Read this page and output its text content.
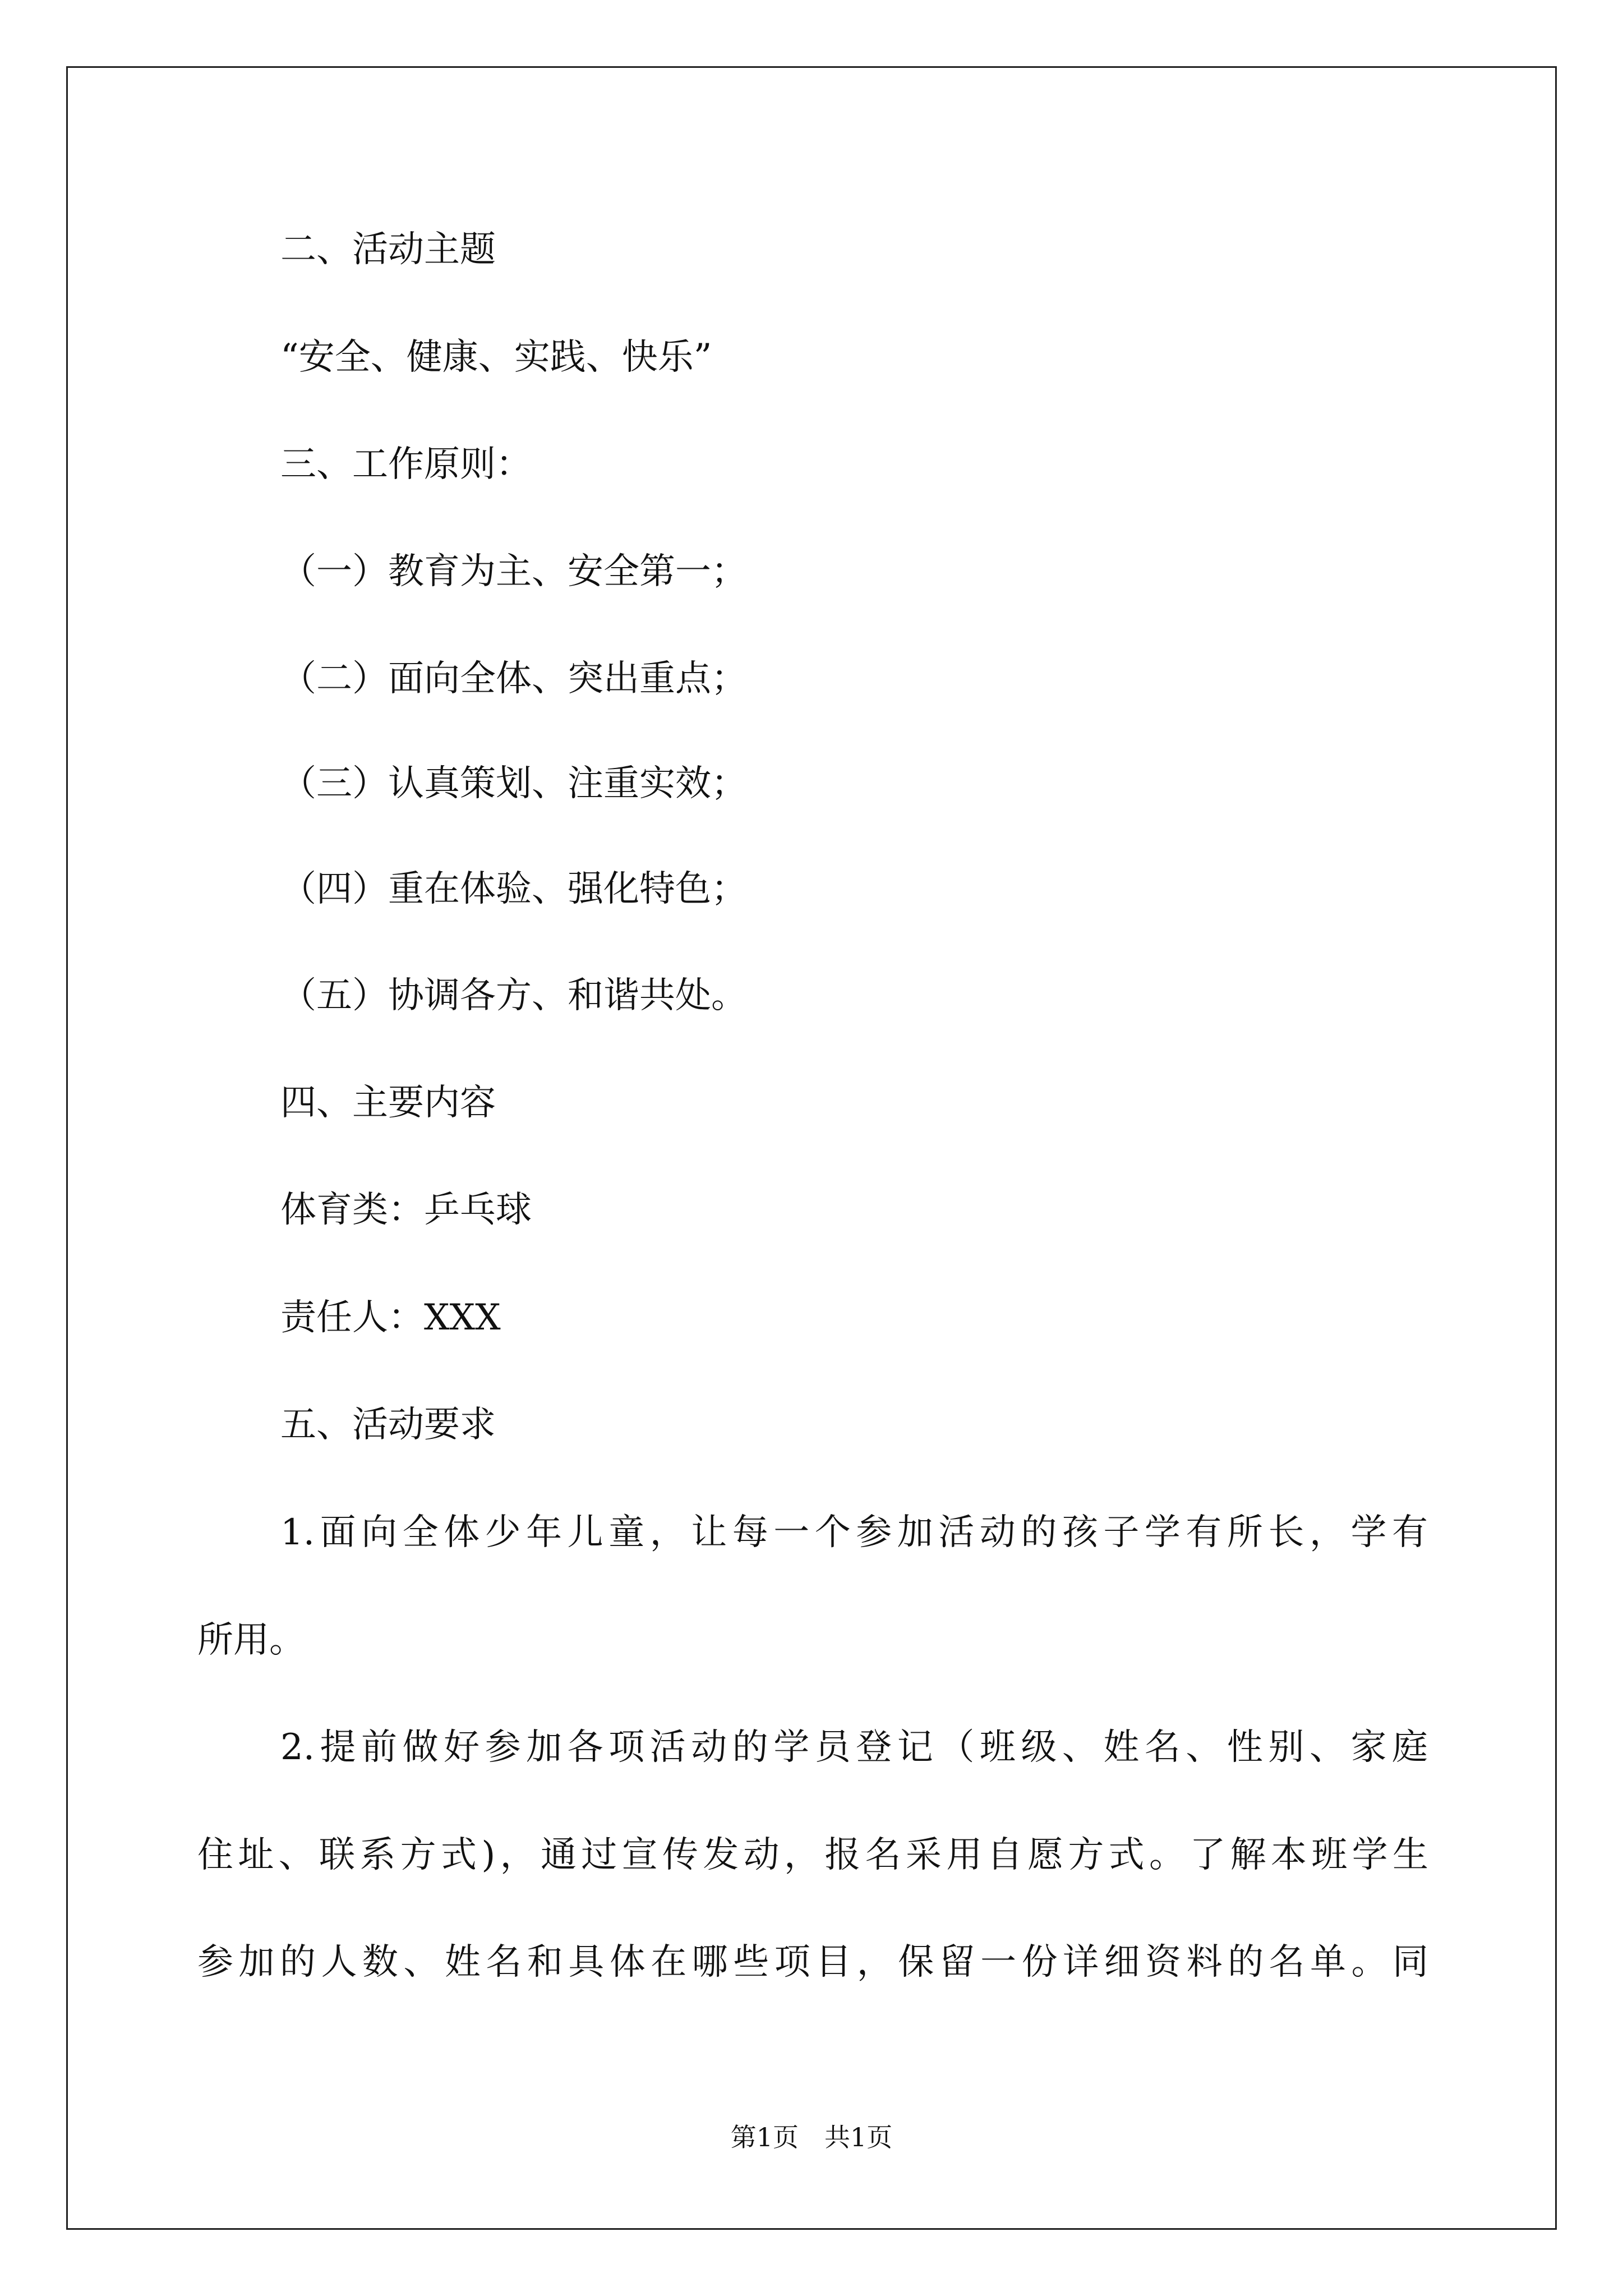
二、活动主题
“安全、健康、实践、快乐”
三、工作原则：
（一）教育为主、安全第一；
（二）面向全体、突出重点；
（三）认真策划、注重实效；
（四）重在体验、强化特色；
（五）协调各方、和谐共处。
四、主要内容
体育类：乒乓球
责任人：XXX
五、活动要求
1.面向全体少年儿童，让每一个参加活动的孩子学有所长，学有
所用。
2.提前做好参加各项活动的学员登记（班级、姓名、性别、家庭
住址、联系方式)，通过宣传发动，报名采用自愿方式。了解本班学生
参加的人数、姓名和具体在哪些项目，保留一份详细资料的名单。同
第1页　共1页
